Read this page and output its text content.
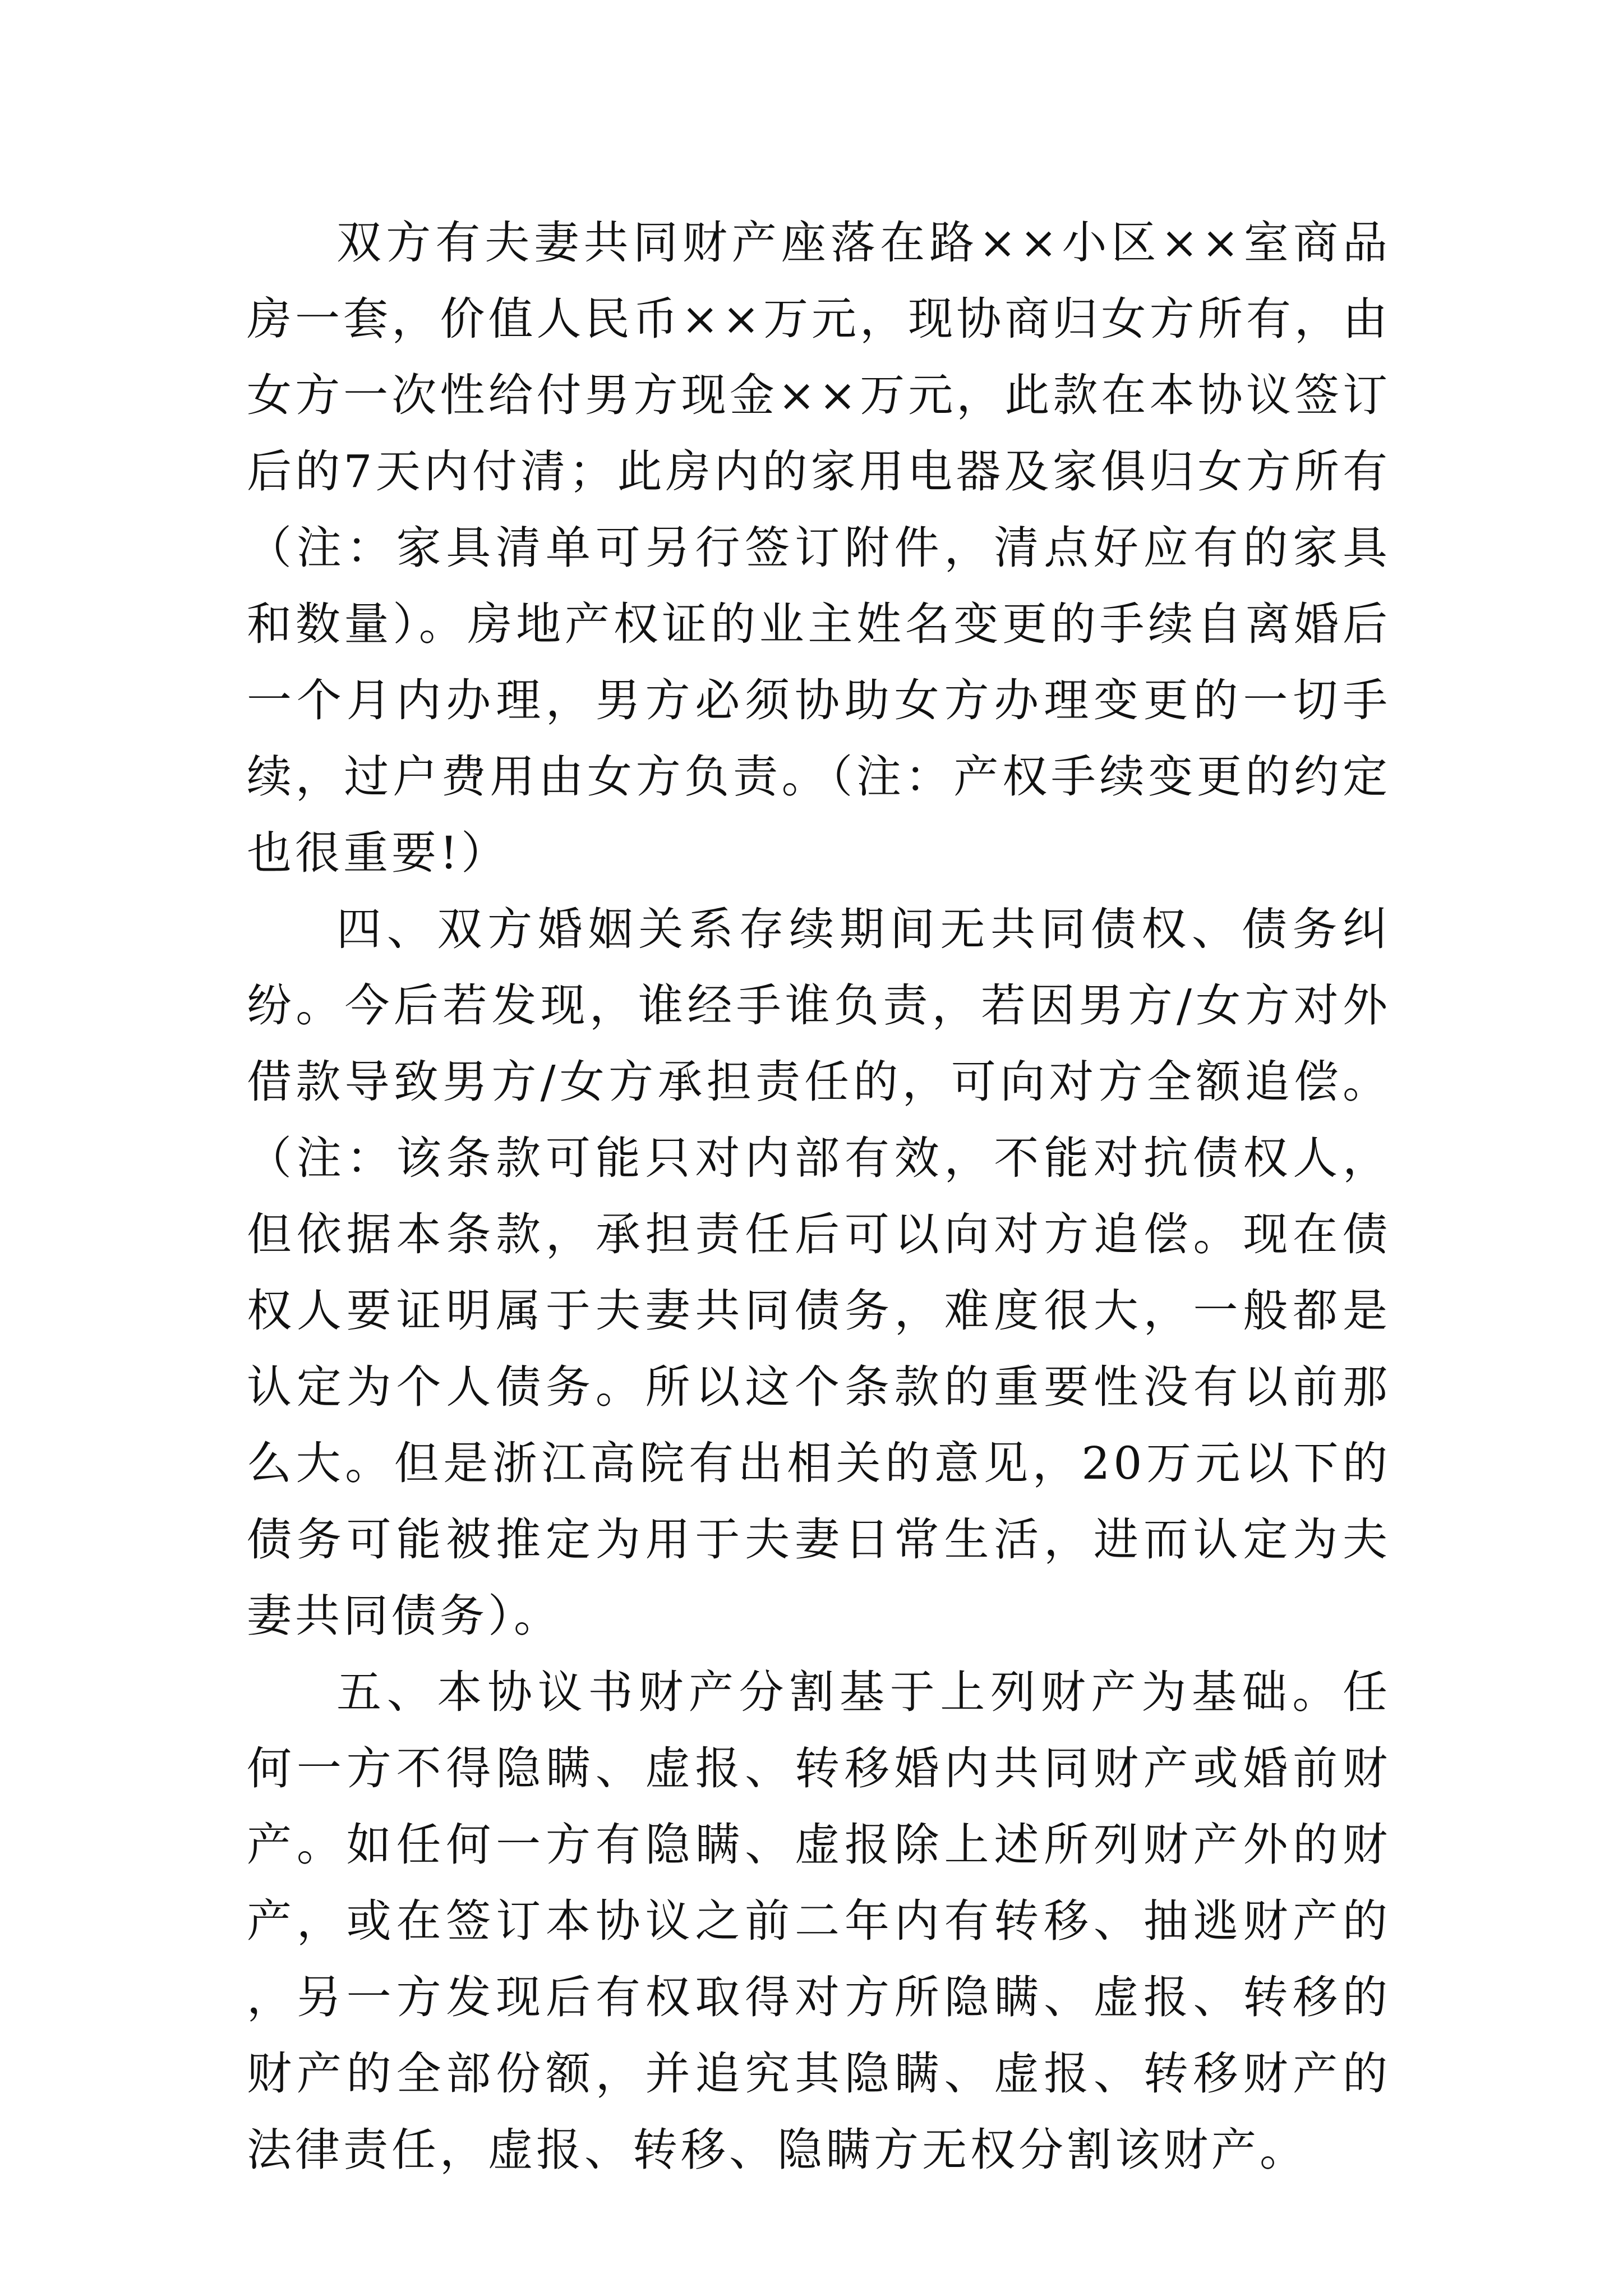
双方有夫妻共同财产座落在路××小区××室商品房一套，价值人民币××万元，现协商归女方所有，由女方一次性给付男方现金××万元，此款在本协议签订后的7天内付清；此房内的家用电器及家俱归女方所有（注：家具清单可另行签订附件，清点好应有的家具和数量）。房地产权证的业主姓名变更的手续自离婚后一个月内办理，男方必须协助女方办理变更的一切手续，过户费用由女方负责。（注：产权手续变更的约定也很重要!）

四、双方婚姻关系存续期间无共同债权、债务纠纷。今后若发现，谁经手谁负责，若因男方/女方对外借款导致男方/女方承担责任的，可向对方全额追偿。（注：该条款可能只对内部有效，不能对抗债权人，但依据本条款，承担责任后可以向对方追偿。现在债权人要证明属于夫妻共同债务，难度很大，一般都是认定为个人债务。所以这个条款的重要性没有以前那么大。但是浙江高院有出相关的意见，20万元以下的债务可能被推定为用于夫妻日常生活，进而认定为夫妻共同债务）。

五、本协议书财产分割基于上列财产为基础。任何一方不得隐瞒、虚报、转移婚内共同财产或婚前财产。如任何一方有隐瞒、虚报除上述所列财产外的财产，或在签订本协议之前二年内有转移、抽逃财产的，另一方发现后有权取得对方所隐瞒、虚报、转移的财产的全部份额，并追究其隐瞒、虚报、转移财产的法律责任，虚报、转移、隐瞒方无权分割该财产。
